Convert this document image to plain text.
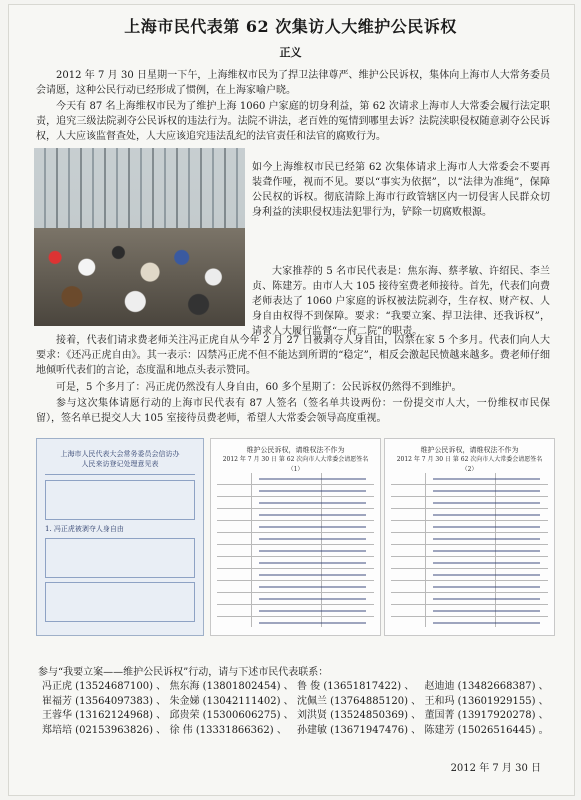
上海市民代表第 62 次集访人大维护公民诉权
正义

2012 年 7 月 30 日星期一下午，上海维权市民为了捍卫法律尊严、维护公民诉权，集体向上海市人大常务委员会请愿，这种公民行动已经形成了惯例，在上海家喻户晓。

今天有 87 名上海维权市民为了维护上海 1060 户家庭的切身利益，第 62 次请求上海市人大常委会履行法定职责，追究三级法院剥夺公民诉权的违法行为。法院不讲法，老百姓的冤情到哪里去诉？法院渎职侵权随意剥夺公民诉权，人大应该监督查处，人大应该追究违法乱纪的法官责任和法官的腐败行为。

如今上海维权市民已经第 62 次集体请求上海市人大常委会不要再装聋作哑，视而不见。要以“事实为依据”，以“法律为准绳”，保障公民权的诉权。彻底清除上海市行政管辖区内一切侵害人民群众切身利益的渎职侵权违法犯罪行为，铲除一切腐败根源。

大家推荐的 5 名市民代表是：焦东海、蔡孝敏、许绍民、李兰贞、陈建芳。由市人大 105 接待室费老师接待。首先，代表们向费老师表达了 1060 户家庭的诉权被法院剥夺，生存权、财产权、人身自由权得不到保障。要求：“我要立案、捍卫法律、还我诉权”，请求人大履行监督“一府二院”的职责。

接着，代表们请求费老师关注冯正虎自从今年 2 月 27 日被剥夺人身自由，囚禁在家 5 个多月。代表们向人大要求：《还冯正虎自由》。其一表示：囚禁冯正虎不但不能达到所谓的“稳定”，相反会激起民愤越来越多。费老师仔细地倾听代表们的言论，态度温和地点头表示赞同。

可是，5 个多月了：冯正虎仍然没有人身自由，60 多个星期了：公民诉权仍然得不到维护。

参与这次集体请愿行动的上海市民代表有 87 人签名（签名单共设两份：一份提交市人大，一份维权市民保留），签名单已提交人大 105 室接待员费老师，希望人大常委会领导高度重视。

上海市人民代表大会常务委员会信访办
人民来访登记处理意见表
1. 冯正虎被剥夺人身自由
维护公民诉权，请维权法不作为
2012 年 7 月 30 日 第 62 次向市人大常委会请愿签名（1）
维护公民诉权，请维权法不作为
2012 年 7 月 30 日 第 62 次向市人大常委会请愿签名（2）
参与“我要立案——维护公民诉权”行动，请与下述市民代表联系：
冯正虎 (13524687100) 、 焦东海 (13801802454) 、 鲁 俊 (13651817422) 、	赵迪迪 (13482668387) 、
崔福芳 (13564097383) 、 朱金娣 (13042111402) 、 沈佩兰 (13764885120) 、 王和玛 (13601929155) 、
王蓉华 (13162124968) 、 邱贵荣 (15300606275) 、 刘洪贤 (13524850369) 、 董国菁 (13917920278) 、
郑培培 (02153963826) 、 徐 伟 (13331866362) 、	孙建敏 (13671947476) 、 陈建芳 (15026516445) 。
2012 年 7 月 30 日
